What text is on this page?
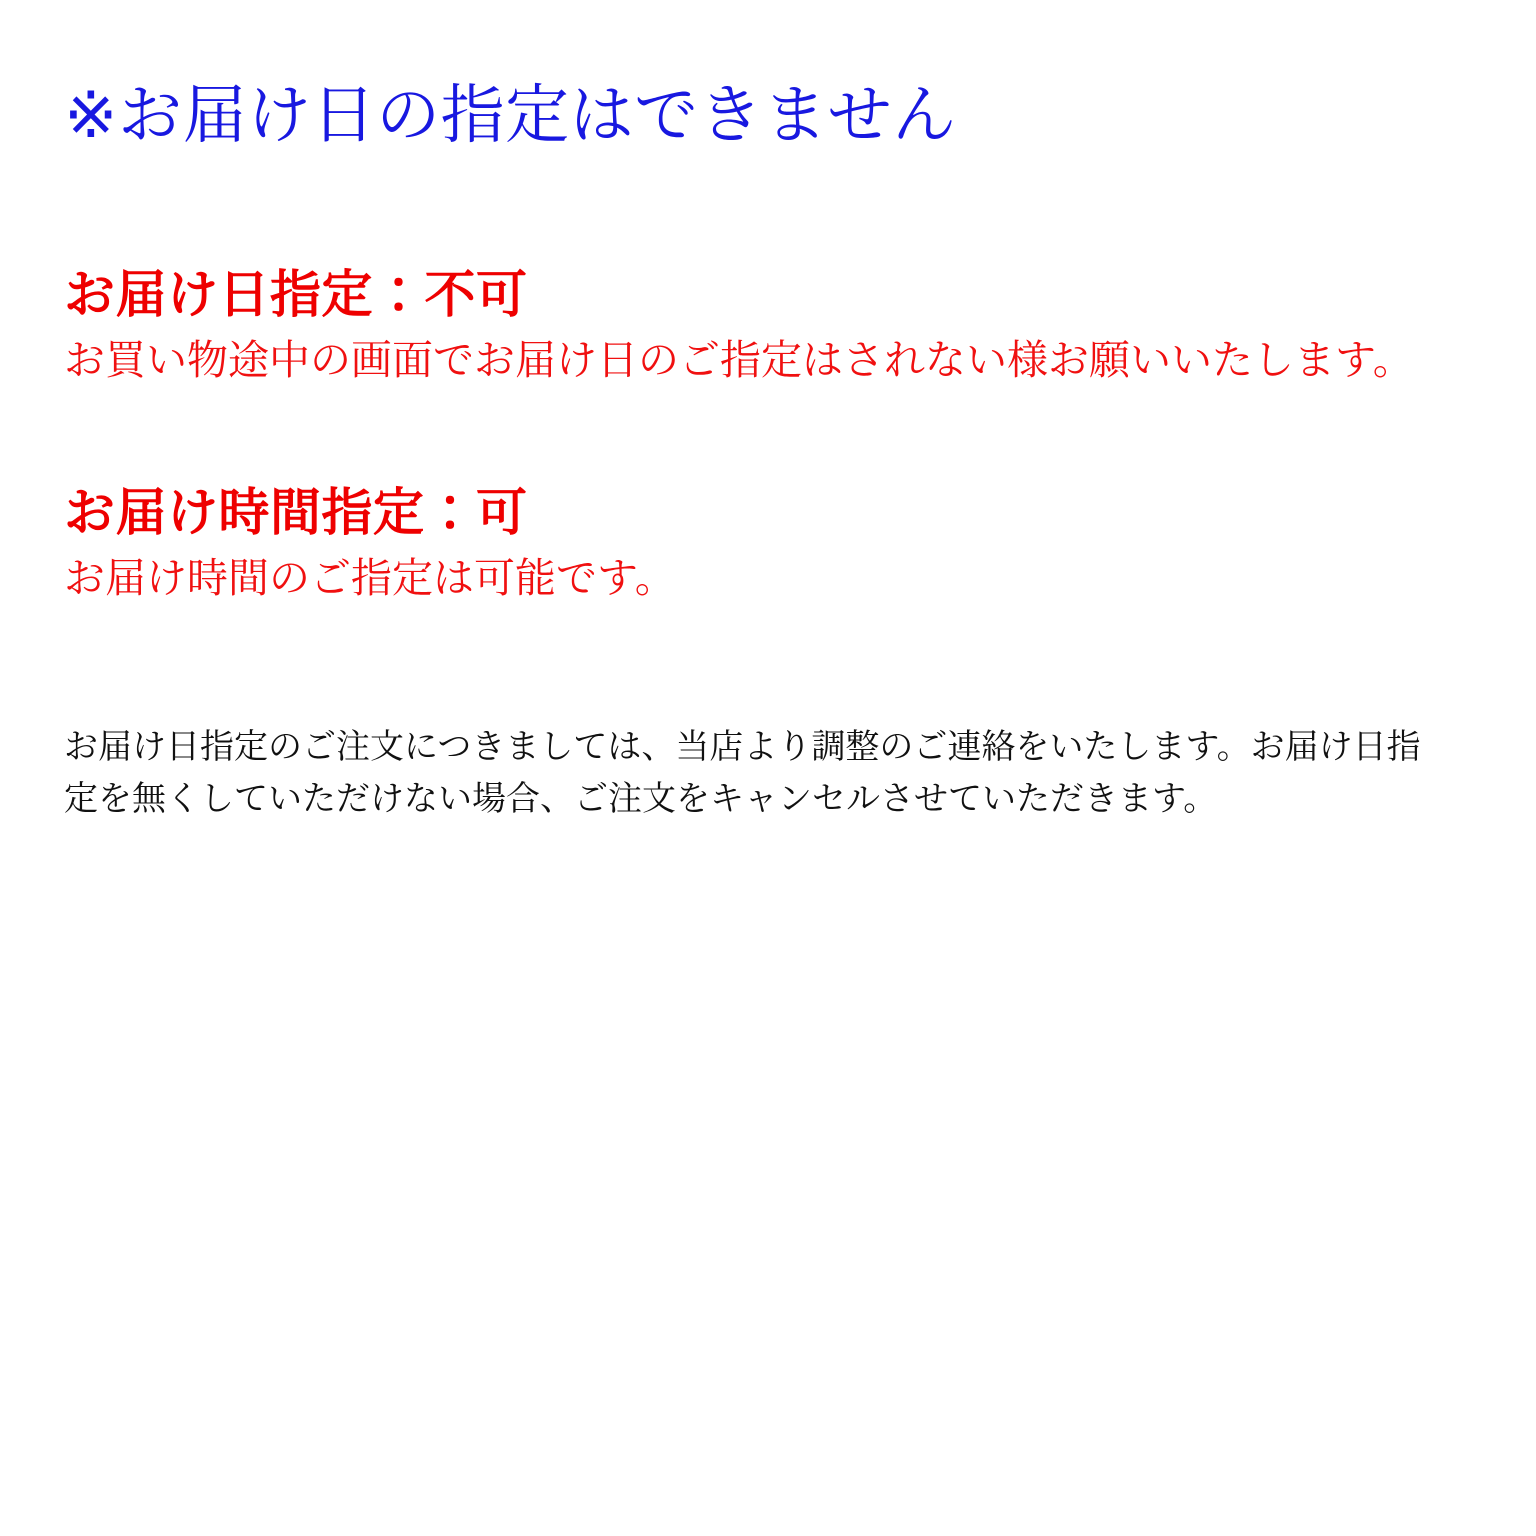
※お届け日の指定はできません
お届け日指定：不可

お買い物途中の画面でお届け日のご指定はされない様お願いいたします。

お届け時間指定：可

お届け時間のご指定は可能です。

お届け日指定のご注文につきましては、当店より調整のご連絡をいたします。お届け日指定を無くしていただけない場合、ご注文をキャンセルさせていただきます。
